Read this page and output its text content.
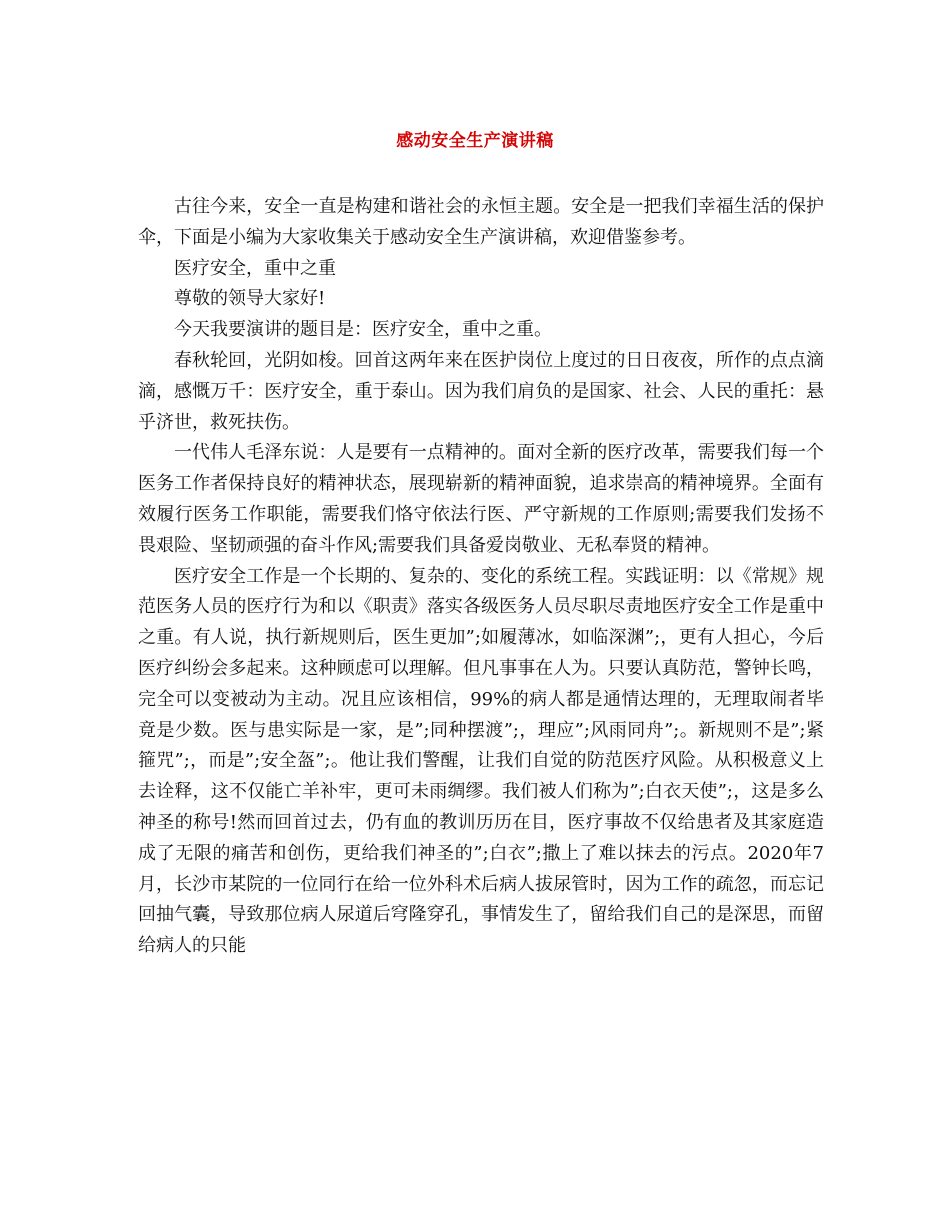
感动安全生产演讲稿

古往今来，安全一直是构建和谐社会的永恒主题。安全是一把我们幸福生活的保护伞，下面是小编为大家收集关于感动安全生产演讲稿，欢迎借鉴参考。

医疗安全，重中之重

尊敬的领导大家好!

今天我要演讲的题目是：医疗安全，重中之重。

春秋轮回，光阴如梭。回首这两年来在医护岗位上度过的日日夜夜，所作的点点滴滴，感慨万千：医疗安全，重于泰山。因为我们肩负的是国家、社会、人民的重托：悬乎济世，救死扶伤。

一代伟人毛泽东说：人是要有一点精神的。面对全新的医疗改革，需要我们每一个医务工作者保持良好的精神状态，展现崭新的精神面貌，追求崇高的精神境界。全面有效履行医务工作职能，需要我们恪守依法行医、严守新规的工作原则;需要我们发扬不畏艰险、坚韧顽强的奋斗作风;需要我们具备爱岗敬业、无私奉贤的精神。

医疗安全工作是一个长期的、复杂的、变化的系统工程。实践证明：以《常规》规范医务人员的医疗行为和以《职责》落实各级医务人员尽职尽责地医疗安全工作是重中之重。有人说，执行新规则后，医生更加”;如履薄冰，如临深渊”;，更有人担心，今后医疗纠纷会多起来。这种顾虑可以理解。但凡事事在人为。只要认真防范，警钟长鸣，完全可以变被动为主动。况且应该相信，99%的病人都是通情达理的，无理取闹者毕竟是少数。医与患实际是一家，是”;同种摆渡”;，理应”;风雨同舟”;。新规则不是”;紧箍咒”;，而是”;安全盔”;。他让我们警醒，让我们自觉的防范医疗风险。从积极意义上去诠释，这不仅能亡羊补牢，更可未雨绸缪。我们被人们称为”;白衣天使”;，这是多么神圣的称号!然而回首过去，仍有血的教训历历在目，医疗事故不仅给患者及其家庭造成了无限的痛苦和创伤，更给我们神圣的”;白衣”;撒上了难以抹去的污点。2020年7月，长沙市某院的一位同行在给一位外科术后病人拔尿管时，因为工作的疏忽，而忘记回抽气囊，导致那位病人尿道后穹隆穿孔，事情发生了，留给我们自己的是深思，而留给病人的只能
